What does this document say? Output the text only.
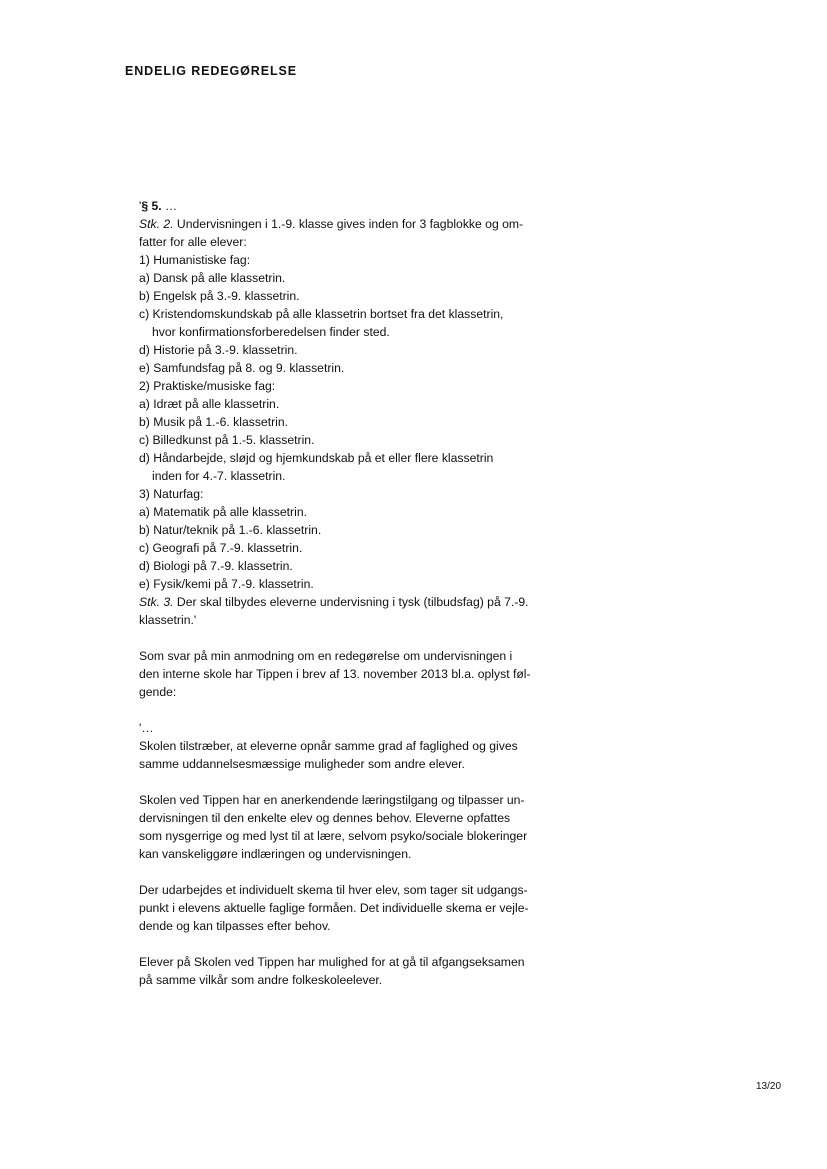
ENDELIG REDEGØRELSE
'§ 5. …
Stk. 2. Undervisningen i 1.-9. klasse gives inden for 3 fagblokke og om-
fatter for alle elever:
1) Humanistiske fag:
a) Dansk på alle klassetrin.
b) Engelsk på 3.-9. klassetrin.
c) Kristendomskundskab på alle klassetrin bortset fra det klassetrin,
hvor konfirmationsforberedelsen finder sted.
d) Historie på 3.-9. klassetrin.
e) Samfundsfag på 8. og 9. klassetrin.
2) Praktiske/musiske fag:
a) Idræt på alle klassetrin.
b) Musik på 1.-6. klassetrin.
c) Billedkunst på 1.-5. klassetrin.
d) Håndarbejde, sløjd og hjemkundskab på et eller flere klassetrin
inden for 4.-7. klassetrin.
3) Naturfag:
a) Matematik på alle klassetrin.
b) Natur/teknik på 1.-6. klassetrin.
c) Geografi på 7.-9. klassetrin.
d) Biologi på 7.-9. klassetrin.
e) Fysik/kemi på 7.-9. klassetrin.
Stk. 3. Der skal tilbydes eleverne undervisning i tysk (tilbudsfag) på 7.-9.
klassetrin.'
Som svar på min anmodning om en redegørelse om undervisningen i
den interne skole har Tippen i brev af 13. november 2013 bl.a. oplyst føl-
gende:
'…
Skolen tilstræber, at eleverne opnår samme grad af faglighed og gives
samme uddannelsesmæssige muligheder som andre elever.
Skolen ved Tippen har en anerkendende læringstilgang og tilpasser un-
dervisningen til den enkelte elev og dennes behov. Eleverne opfattes
som nysgerrige og med lyst til at lære, selvom psyko/sociale blokeringer
kan vanskeliggøre indlæringen og undervisningen.
Der udarbejdes et individuelt skema til hver elev, som tager sit udgangs-
punkt i elevens aktuelle faglige formåen. Det individuelle skema er vejle-
dende og kan tilpasses efter behov.
Elever på Skolen ved Tippen har mulighed for at gå til afgangseksamen
på samme vilkår som andre folkeskoleelever.
13/20
